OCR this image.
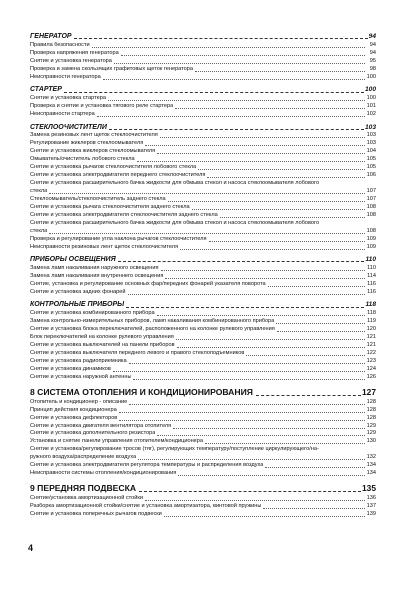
ГЕНЕРАТОР	94
Правила безопасности	94
Проверка напряжения генератора	94
Снятие и установка генератора	95
Проверка и замена скользящих графитовых щеток генератора	98
Неисправности генератора	100
СТАРТЕР	100
Снятие и установка стартера	100
Проверка и снятие и установка тягового реле стартера	101
Неисправности стартера	102
СТЕКЛООЧИСТИТЕЛИ	103
Замена резиновых лент щеток стеклоочистителя	103
Регулирование жиклеров стеклоомывателя	103
Снятие и установка жиклеров стеклоомывателя	104
Омыватель/очиститель лобового стекла	105
Снятие и установка рычагов стеклоочистителя лобового стекла	105
Снятие и установка электродвигателя переднего стеклоочистителя	106
Снятие и установка расширительного бачка жидкости для обмыва стекол и насоса стеклоомывателя лобового
стекла	107
Стеклоомыватель/стеклоочиститель заднего стекла	107
Снятие и установка рычага стеклоочистителя заднего стекла	108
Снятие и установка электродвигателя стеклоочистителя заднего стекла	108
Снятие и установка расширительного бачка жидкости для обмыва стекол и насоса стеклоомывателя лобового
стекла	108
Проверка и регулирование угла наклона рычагов стеклоочистителя	109
Неисправности резиновых лент щеток стеклоочистителя	109
ПРИБОРЫ ОСВЕЩЕНИЯ	110
Замена ламп накаливания наружного освещения	110
Замена ламп накаливания внутреннего освещения	114
Снятие, установка и регулирование основных фар/передних фонарей указателя поворота	116
Снятие и установка задних фонарей	116
КОНТРОЛЬНЫЕ ПРИБОРЫ	118
Снятие и установка комбинированного прибора	118
Замена контрольно-измерительных приборов, ламп накаливания комбинированного прибора	119
Снятие и установка блока переключателей, расположенного на колонке рулевого управления	120
Блок переключателей на колонке рулевого управления	121
Снятие и установка выключателей на панели приборов	121
Снятие и установка выключателя переднего левого и правого стеклоподъемников	122
Снятие и установка радиоприемника	123
Снятие и установка динамиков	124
Снятие и установка наружной антенны	126
8 СИСТЕМА ОТОПЛЕНИЯ И КОНДИЦИОНИРОВАНИЯ	127
Отопитель и кондиционер - описание	128
Принцип действия кондиционера	128
Снятие и установка дефлекторов	128
Снятие и установка двигателя вентилятора отопителя	129
Снятие и установка дополнительного резистора	129
Установка и снятие панели управления отопителем/кондиционера	130
Снятие и установка/регулирование тросов (тяг), регулирующих температуру/поступление циркулирующего/на-
ружного воздуха/распределение воздуха	132
Снятие и установка электродвигателя регулятора температуры и распределения воздуха	134
Неисправности системы отопления/кондиционирования	134
9 ПЕРЕДНЯЯ ПОДВЕСКА	135
Снятие/установка амортизационной стойки	136
Разборка амортизационной стойки/снятие и установка амортизатора, винтовой пружины	137
Снятие и установка поперечных рычагов подвески	139
4
